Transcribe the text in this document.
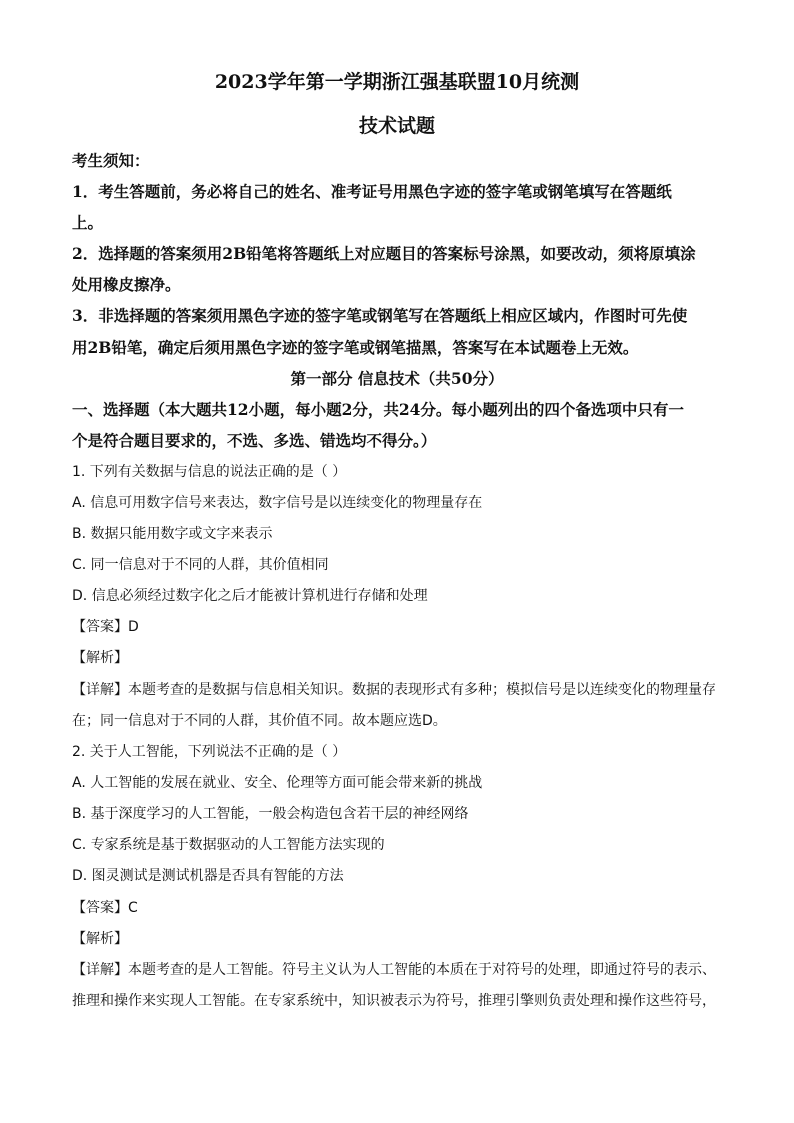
2023学年第一学期浙江强基联盟10月统测
技术试题
考生须知：
1．考生答题前，务必将自己的姓名、准考证号用黑色字迹的签字笔或钢笔填写在答题纸
上。
2．选择题的答案须用2B铅笔将答题纸上对应题目的答案标号涂黑，如要改动，须将原填涂
处用橡皮擦净。
3．非选择题的答案须用黑色字迹的签字笔或钢笔写在答题纸上相应区域内，作图时可先使
用2B铅笔，确定后须用黑色字迹的签字笔或钢笔描黑，答案写在本试题卷上无效。
第一部分 信息技术（共50分）
一、选择题（本大题共12小题，每小题2分，共24分。每小题列出的四个备选项中只有一
个是符合题目要求的，不选、多选、错选均不得分。）
1. 下列有关数据与信息的说法正确的是（ ）
A. 信息可用数字信号来表达，数字信号是以连续变化的物理量存在
B. 数据只能用数字或文字来表示
C. 同一信息对于不同的人群，其价值相同
D. 信息必须经过数字化之后才能被计算机进行存储和处理
【答案】D
【解析】
【详解】本题考查的是数据与信息相关知识。数据的表现形式有多种；模拟信号是以连续变化的物理量存
在；同一信息对于不同的人群，其价值不同。故本题应选D。
2. 关于人工智能，下列说法不正确的是（ ）
A. 人工智能的发展在就业、安全、伦理等方面可能会带来新的挑战
B. 基于深度学习的人工智能，一般会构造包含若干层的神经网络
C. 专家系统是基于数据驱动的人工智能方法实现的
D. 图灵测试是测试机器是否具有智能的方法
【答案】C
【解析】
【详解】本题考查的是人工智能。符号主义认为人工智能的本质在于对符号的处理，即通过符号的表示、
推理和操作来实现人工智能。在专家系统中，知识被表示为符号，推理引擎则负责处理和操作这些符号，
